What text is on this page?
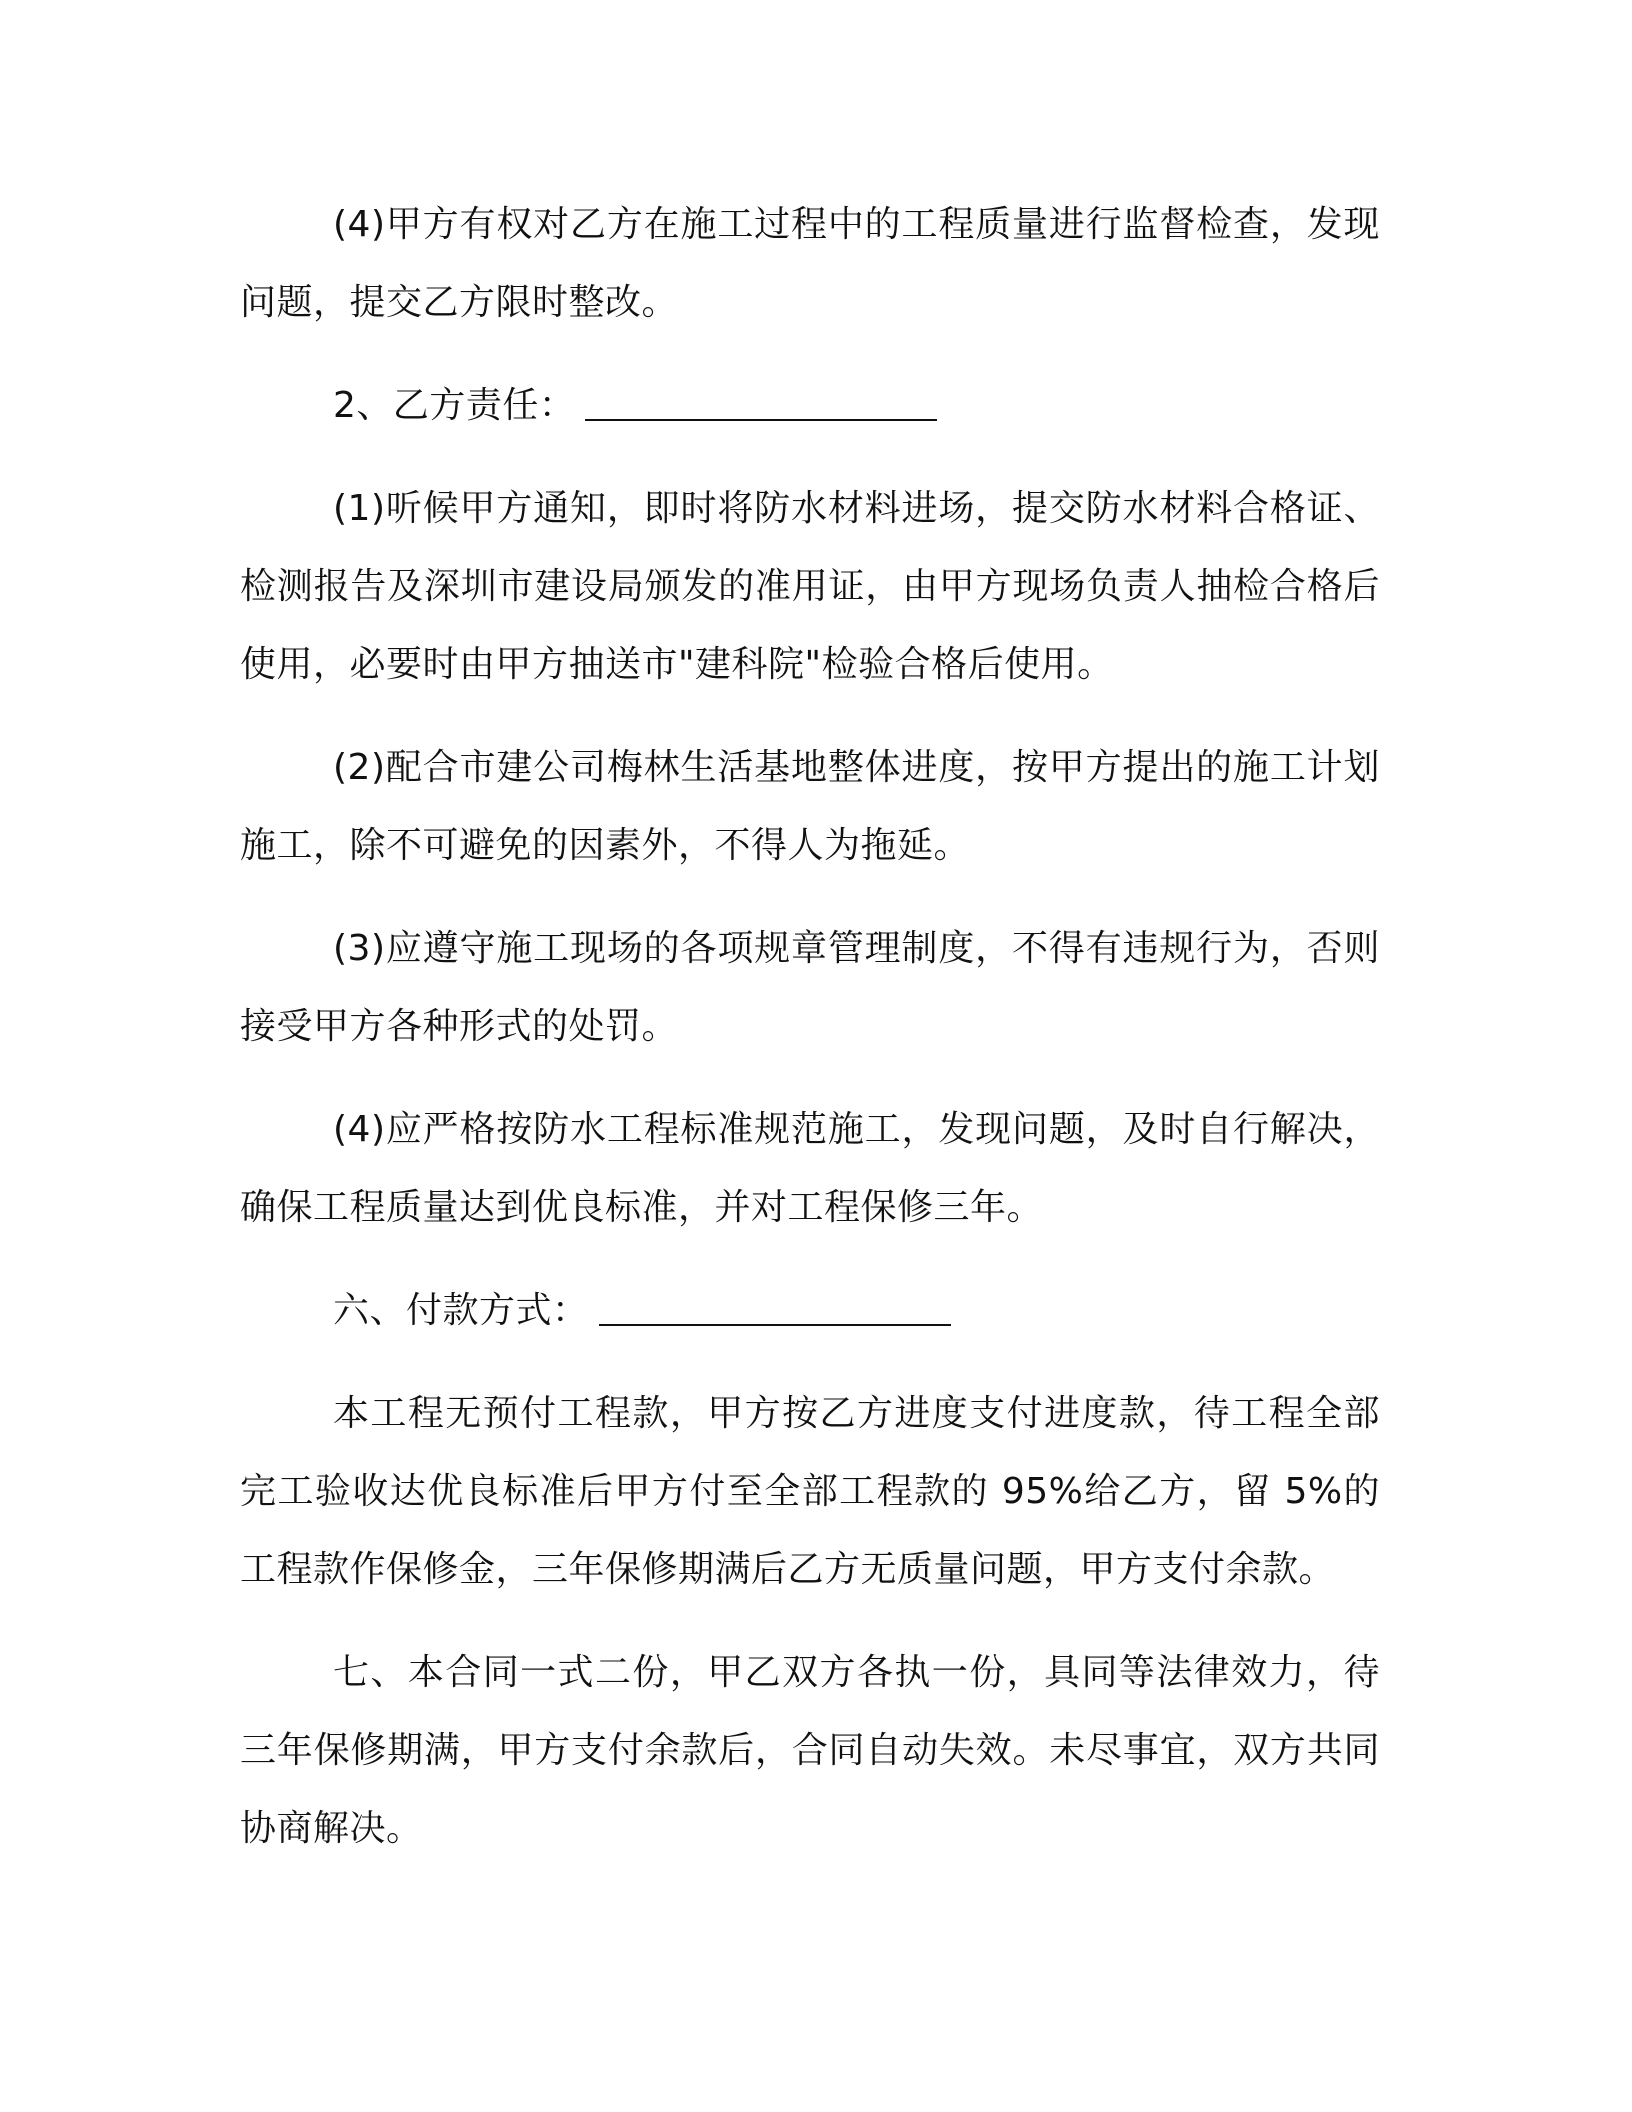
(4)甲方有权对乙方在施工过程中的工程质量进行监督检查，发现问题，提交乙方限时整改。

2、乙方责任：

(1)听候甲方通知，即时将防水材料进场，提交防水材料合格证、检测报告及深圳市建设局颁发的准用证，由甲方现场负责人抽检合格后使用，必要时由甲方抽送市"建科院"检验合格后使用。

(2)配合市建公司梅林生活基地整体进度，按甲方提出的施工计划施工，除不可避免的因素外，不得人为拖延。

(3)应遵守施工现场的各项规章管理制度，不得有违规行为，否则接受甲方各种形式的处罚。

(4)应严格按防水工程标准规范施工，发现问题，及时自行解决，确保工程质量达到优良标准，并对工程保修三年。

六、付款方式：

本工程无预付工程款，甲方按乙方进度支付进度款，待工程全部完工验收达优良标准后甲方付至全部工程款的 95%给乙方，留 5%的工程款作保修金，三年保修期满后乙方无质量问题，甲方支付余款。

七、本合同一式二份，甲乙双方各执一份，具同等法律效力，待三年保修期满，甲方支付余款后，合同自动失效。未尽事宜，双方共同协商解决。
